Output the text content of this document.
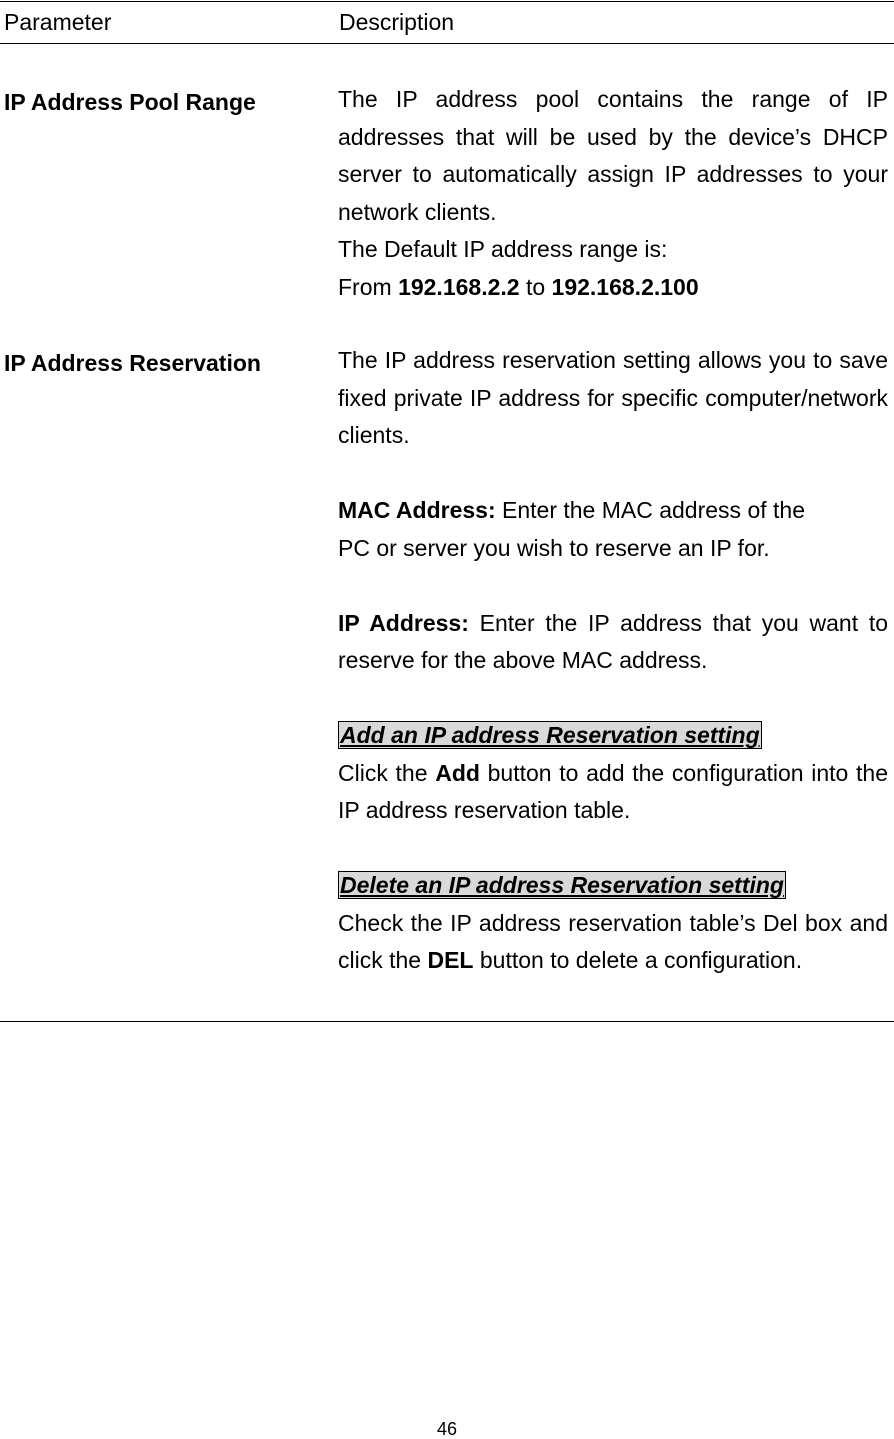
Parameter	Description
IP Address Pool Range	The IP address pool contains the range of IP addresses that will be used by the device’s DHCP server to automatically assign IP addresses to your network clients.
The Default IP address range is:
From 192.168.2.2 to 192.168.2.100
IP Address Reservation	The IP address reservation setting allows you to save fixed private IP address for specific computer/network clients.
MAC Address: Enter the MAC address of the
PC or server you wish to reserve an IP for.
IP Address: Enter the IP address that you want to reserve for the above MAC address.
Add an IP address Reservation setting
Click the Add button to add the configuration into the IP address reservation table.
Delete an IP address Reservation setting
Check the IP address reservation table’s Del box and click the DEL button to delete a configuration.
46
